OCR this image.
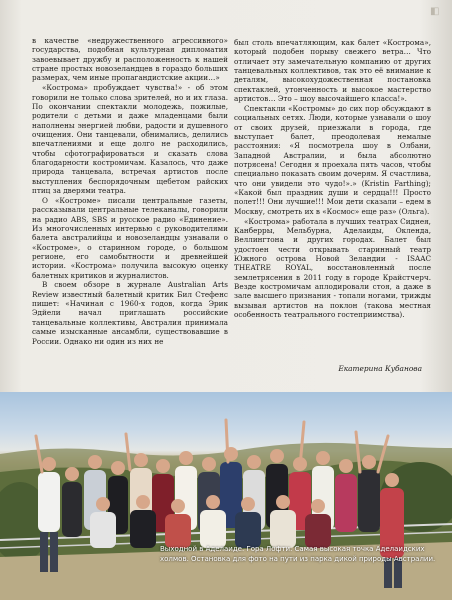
◧

в качестве «недружественного агрессивного» государства, подобная культурная дипломатия завоевывает дружбу и расположенность к нашей стране простых новозеландцев в гораздо больших размерах, чем иные пропагандистские акции…»

«Кострома» пробуждает чувства!» - об этом говорили не только слова зрителей, но и их глаза. По окончании спектакли молодежь, пожилые, родители с детьми и даже младенцами были наполнены энергией любви, радости и душевного очищения. Они танцевали, обнимались, делились впечатлениями и еще долго не расходились, чтобы сфотографироваться и сказать слова благодарности костромичам. Казалось, что даже природа танцевала, встречая артистов после выступления беспорядочным щебетом райских птиц за дверями театра.

О «Костроме» писали центральные газеты, рассказывали центральные телеканалы, говорили на радио ABS, SBS и русское радио «Единение». Из многочисленных интервью с руководителями балета австралийцы и новозеландцы узнавали о «Костроме», о старинном городе, о большом регионе, его самобытности и древнейшей истории. «Кострома» получила высокую оценку балетных критиков и журналистов.

В своем обзоре в журнале Australian Arts Review известный балетный критик Бил Стефенс пишет: «Начиная с 1960-х годов, когда Эрик Эдйели начал приглашать российские танцевальные коллективы, Австралия принимала самые изысканные ансамбли, существовавшие в России. Однако ни один из них не

был столь впечатляющим, как балет «Кострома», который подобен порыву свежего ветра… Что отличает эту замечательную компанию от других танцевальных коллективов, так это её внимание к деталям, высокохудожественная постановка спектаклей, утонченность и высокое мастерство артистов… Это – шоу высочайшего класса!».

Спектакли «Костромы» до сих пор обсуждают в социальных сетях. Люди, которые узнавали о шоу от своих друзей, приезжали в города, где выступает балет, преодолевая немалые расстояния: «Я посмотрела шоу в Олбани, Западной Австралии, и была абсолютно потрясена! Сегодня я проехала пять часов, чтобы специально показать своим дочерям. Я счастлива, что они увидели это чудо!».» (Kristin Farthing); «Какой был праздник души и сердца!!! Просто полет!!! Они лучшие!!! Мои дети сказали – едем в Москву, смотреть их в «Космос» еще раз» (Ольга).

«Кострома» работала в лучших театрах Сиднея, Канберры, Мельбурна, Аделаиды, Окленда, Веллингтона и других городах. Балет был удостоен чести открывать старинный театр Южного острова Новой Зеландии - ISAAC THEATRE ROYAL, восстановленный после землетрясения в 2011 году в городе Крайстчерч. Везде костромичам аплодировали стоя, а даже в зале высшего признания - топали ногами, трижды вызывая артистов на поклон (такова местная особенность театрального гостеприимства).

Екатерина Кубанова
Выходной в Аделаиде. Гора Лофти. Самая высокая точка Аделаидских холмов. Остановка для фото на пути из парка дикой природы Австралии.
